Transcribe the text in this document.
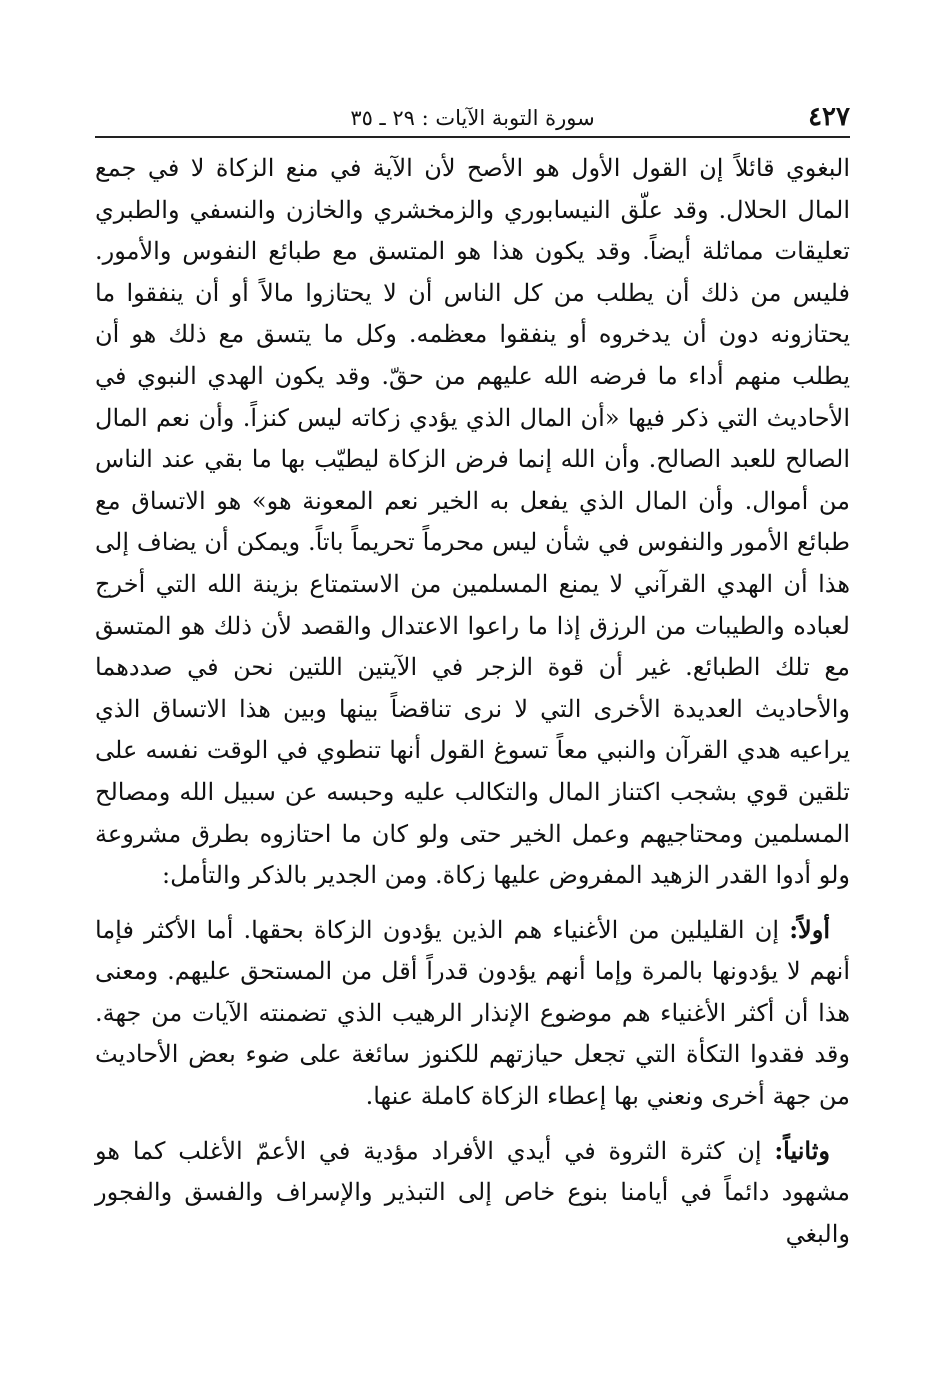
٤٢٧
سورة التوبة الآيات : ٢٩ ـ ٣٥

البغوي قائلاً إن القول الأول هو الأصح لأن الآية في منع الزكاة لا في جمع المال الحلال. وقد علّق النيسابوري والزمخشري والخازن والنسفي والطبري تعليقات مماثلة أيضاً. وقد يكون هذا هو المتسق مع طبائع النفوس والأمور. فليس من ذلك أن يطلب من كل الناس أن لا يحتازوا مالاً أو أن ينفقوا ما يحتازونه دون أن يدخروه أو ينفقوا معظمه. وكل ما يتسق مع ذلك هو أن يطلب منهم أداء ما فرضه الله عليهم من حقّ. وقد يكون الهدي النبوي في الأحاديث التي ذكر فيها «أن المال الذي يؤدي زكاته ليس كنزاً. وأن نعم المال الصالح للعبد الصالح. وأن الله إنما فرض الزكاة ليطيّب بها ما بقي عند الناس من أموال. وأن المال الذي يفعل به الخير نعم المعونة هو» هو الاتساق مع طبائع الأمور والنفوس في شأن ليس محرماً تحريماً باتاً. ويمكن أن يضاف إلى هذا أن الهدي القرآني لا يمنع المسلمين من الاستمتاع بزينة الله التي أخرج لعباده والطيبات من الرزق إذا ما راعوا الاعتدال والقصد لأن ذلك هو المتسق مع تلك الطبائع. غير أن قوة الزجر في الآيتين اللتين نحن في صددهما والأحاديث العديدة الأخرى التي لا نرى تناقضاً بينها وبين هذا الاتساق الذي يراعيه هدي القرآن والنبي معاً تسوغ القول أنها تنطوي في الوقت نفسه على تلقين قوي بشجب اكتناز المال والتكالب عليه وحبسه عن سبيل الله ومصالح المسلمين ومحتاجيهم وعمل الخير حتى ولو كان ما احتازوه بطرق مشروعة ولو أدوا القدر الزهيد المفروض عليها زكاة. ومن الجدير بالذكر والتأمل:

أولاً: إن القليلين من الأغنياء هم الذين يؤدون الزكاة بحقها. أما الأكثر فإما أنهم لا يؤدونها بالمرة وإما أنهم يؤدون قدراً أقل من المستحق عليهم. ومعنى هذا أن أكثر الأغنياء هم موضوع الإنذار الرهيب الذي تضمنته الآيات من جهة. وقد فقدوا التكأة التي تجعل حيازتهم للكنوز سائغة على ضوء بعض الأحاديث من جهة أخرى ونعني بها إعطاء الزكاة كاملة عنها.

وثانياً: إن كثرة الثروة في أيدي الأفراد مؤدية في الأعمّ الأغلب كما هو مشهود دائماً في أيامنا بنوع خاص إلى التبذير والإسراف والفسق والفجور والبغي
